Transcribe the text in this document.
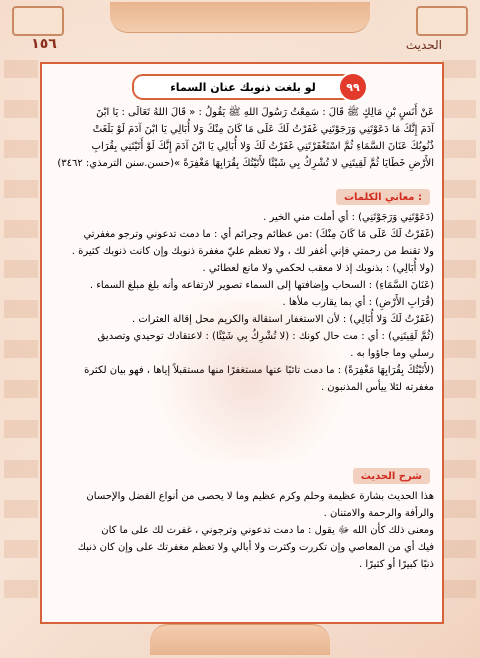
١٥٦	الحديث
٩٩
لو بلغت ذنوبك عنان السماء
عَنْ أَنَسٍ بْنِ مَالِكٍ ﷺ قَالَ : سَمِعْتُ رَسُولَ اللهِ ﷺ يَقُولُ : « قَالَ اللهُ تَعَالَى : يَا ابْنَ
آدَمَ إِنَّكَ مَا دَعَوْتَنِي وَرَجَوْتَنِي غَفَرْتُ لَكَ عَلَى مَا كَانَ مِنْكَ وَلا أُبَالِي يَا ابْنَ آدَمَ لَوْ بَلَغَتْ
ذُنُوبُكَ عَنَانَ السَّمَاءِ ثُمَّ اسْتَغْفَرْتَنِي غَفَرْتُ لَكَ وَلا أُبَالِي يَا ابْنَ آدَمَ إِنَّكَ لَوْ أَتَيْتَنِي بِقُرَابِ
الأَرْضِ خَطَايَا ثُمَّ لَقِيتَنِي لا تُشْرِكُ بِي شَيْئًا لأَتَيْتُكَ بِقُرَابِهَا مَغْفِرَةً »(حسن.سنن الترمذي: ٣٤٦٢)
معاني الكلمات :
(دَعَوْتَنِي وَرَجَوْتَنِي) : أي أملت مني الخير .
(غَفَرْتُ لَكَ عَلَى مَا كَانَ مِنْكَ) :من عظائم وجرائم أي : ما دمت تدعوني وترجو مغفرتي
ولا تقنط من رحمتي فإني أغفر لك ، ولا تعظم عليّ مغفرة ذنوبك وإن كانت ذنوبك كثيرة .
(ولا أُبَالِي) : بذنوبك إذ لا معقب لحكمي ولا مانع لعطائي .
(عَنَانَ السَّمَاءِ) : السحاب وإضافتها إلى السماء تصوير لارتفاعه وأنه بلغ مبلغ السماء .
(قُرَابِ الأَرْضِ) : أي بما يقارب ملأها .
(غَفَرْتُ لَكَ وَلا أُبَالِي) : لأن الاستغفار استقالة والكريم محل إقالة العثرات .
(ثُمَّ لَقِيتَنِي) : أي : مت حال كونك : (لا تُشْرِكُ بِي شَيْئًا) : لاعتقادك توحيدي وتصديق
رسلي وما جاؤوا به .
(لأَتَيْتُكَ بِقُرَابِهَا مَغْفِرَةً) : ما دمت تائبًا عنها مستغفرًا منها مستقبلاً إياها ، فهو بيان لكثرة
مغفرته لئلا ييأس المذنبون .
شرح الحديث
هذا الحديث بشارة عظيمة وحلم وكرم عظيم وما لا يحصى من أنواع الفضل والإحسان
والرأفة والرحمة والامتنان .
ومعنى ذلك كأن الله ﷻ يقول : ما دمت تدعوني وترجوني ، غفرت لك على ما كان
فيك أي من المعاصي وإن تكررت وكثرت ولا أبالي ولا تعظم مغفرتك على وإن كان ذنبك
ذنبًا كبيرًا أو كثيرًا .
